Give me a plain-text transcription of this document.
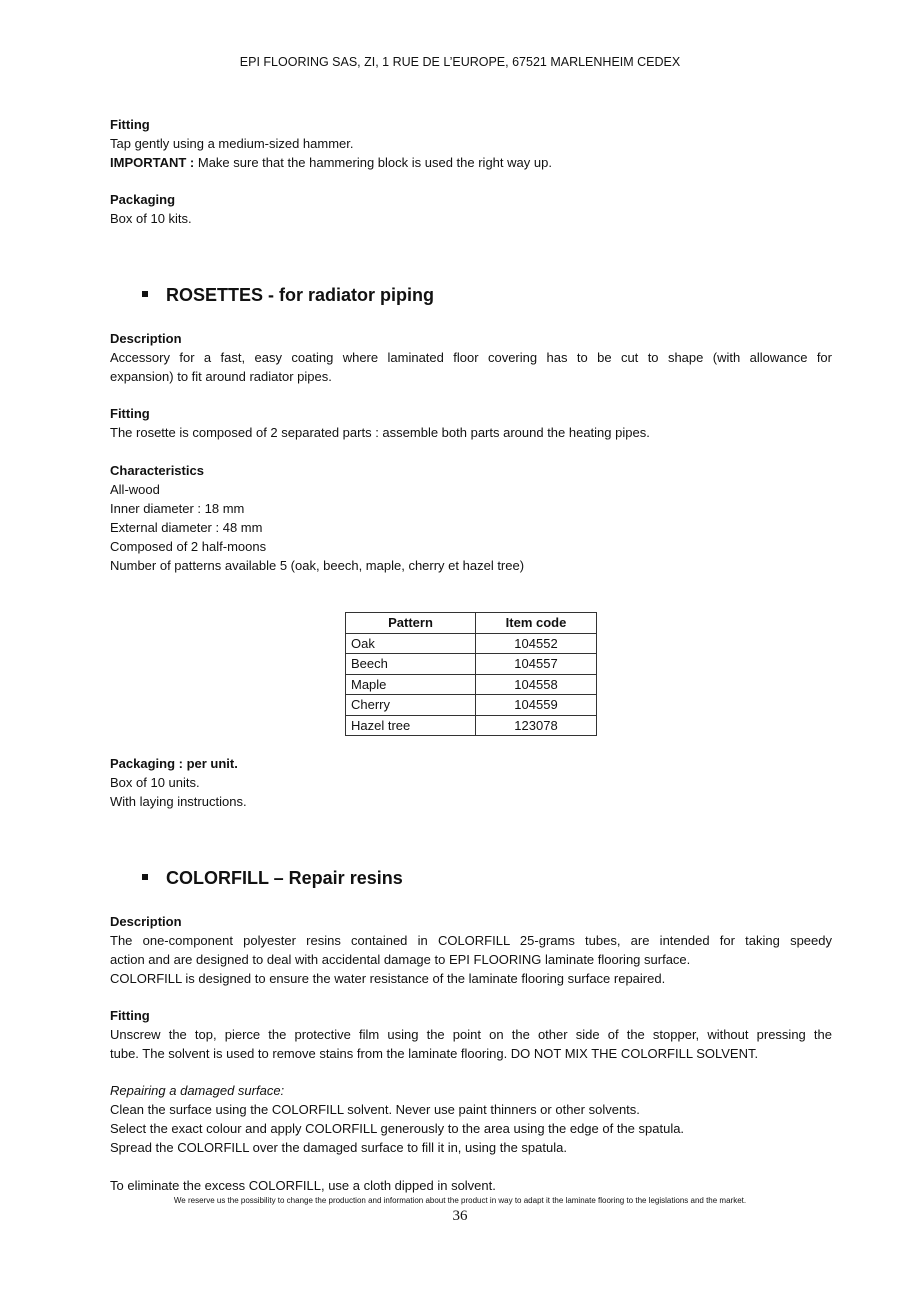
EPI FLOORING SAS, ZI, 1 RUE DE L’EUROPE, 67521 MARLENHEIM CEDEX
Fitting
Tap gently using a medium-sized hammer.
IMPORTANT : Make sure that the hammering block is used the right way up.
Packaging
Box of 10 kits.
ROSETTES - for radiator piping
Description
Accessory for a fast, easy coating where laminated floor covering has to be cut to shape (with allowance for
expansion) to fit around radiator pipes.
Fitting
The rosette is composed of 2 separated parts : assemble both parts around the heating pipes.
Characteristics
All-wood
Inner diameter : 18 mm
External diameter : 48 mm
Composed of 2 half-moons
Number of patterns available 5 (oak, beech, maple, cherry et hazel tree)
Pattern	Item code
Oak	104552
Beech	104557
Maple	104558
Cherry	104559
Hazel tree	123078
Packaging : per unit.
Box of 10 units.
With laying instructions.
COLORFILL – Repair resins
Description
The one-component polyester resins contained in COLORFILL 25-grams tubes, are intended for taking speedy
action and are designed to deal with accidental damage to EPI FLOORING laminate flooring surface.
COLORFILL is designed to ensure the water resistance of the laminate flooring surface repaired.
Fitting
Unscrew the top, pierce the protective film using the point on the other side of the stopper, without pressing the
tube. The solvent is used to remove stains from the laminate flooring. DO NOT MIX THE COLORFILL SOLVENT.
Repairing a damaged surface:
Clean the surface using the COLORFILL solvent. Never use paint thinners or other solvents.
Select the exact colour and apply COLORFILL generously to the area using the edge of the spatula.
Spread the COLORFILL over the damaged surface to fill it in, using the spatula.
To eliminate the excess COLORFILL, use a cloth dipped in solvent.
We reserve us the possibility to change the production and information about the product in way to adapt it the laminate flooring to the legislations and the market.
36
